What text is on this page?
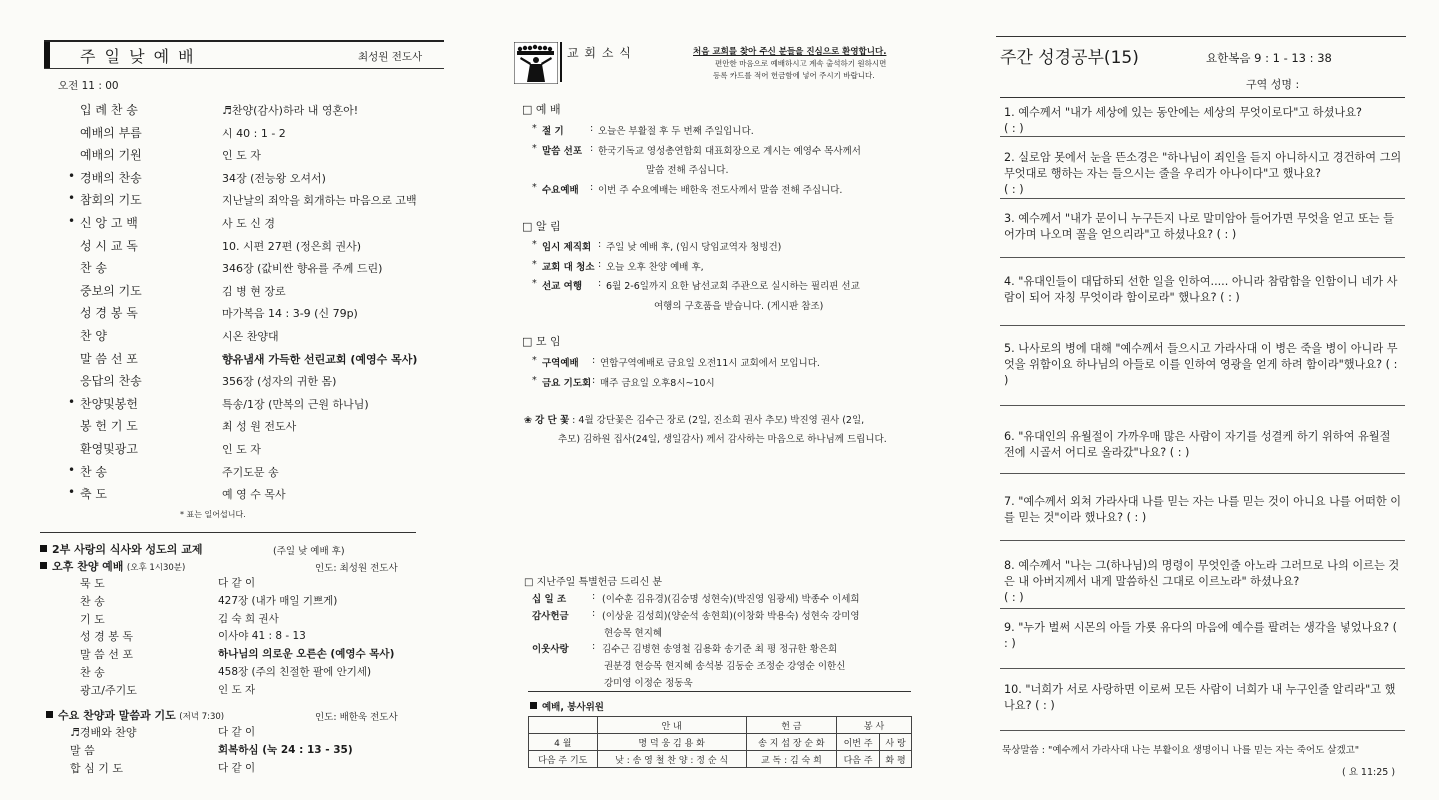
주 일 낮 예 배	최성원 전도사
오전 11 : 00
입 례 찬 송	♬찬양(감사)하라 내 영혼아!
예배의 부름	시 40 : 1 - 2
예배의 기원	인 도 자
• 경배의 찬송	34장 (전능왕 오셔서)
• 참회의 기도	지난날의 죄악을 회개하는 마음으로 고백
• 신 앙 고 백	사 도 신 경
성 시 교 독	10. 시편 27편 (정은희 권사)
찬 송	346장 (값비싼 향유를 주께 드린)
중보의 기도	김 병 현 장로
성 경 봉 독	마가복음 14 : 3-9 (신 79p)
찬 양	시온 찬양대
말 씀 선 포	향유냄새 가득한 선린교회 (예영수 목사)
응답의 찬송	356장 (성자의 귀한 몸)
• 찬양및봉헌	특송/1장 (만복의 근원 하나님)
봉 헌 기 도	최 성 원 전도사
환영및광고	인 도 자
• 찬 송	주기도문 송
• 축 도	예 영 수 목사
* 표는 일어섭니다.
2부 사랑의 식사와 성도의 교제	(주일 낮 예배 후)
오후 찬양 예배 (오후 1시30분)	인도: 최성원 전도사
묵 도	다 같 이
찬 송	427장 (내가 매일 기쁘게)
기 도	김 숙 희 권사
성 경 봉 독	이사야 41 : 8 - 13
말 씀 선 포	하나님의 의로운 오른손 (예영수 목사)
찬 송	458장 (주의 친절한 팔에 안기세)
광고/주기도	인 도 자
수요 찬양과 말씀과 기도 (저녁 7:30)	인도: 배한욱 전도사
♬경배와 찬양	다 같 이
말 씀	회복하심 (눅 24 : 13 - 35)
합 심 기 도	다 같 이
교 회 소 식	처음 교회를 찾아 주신 분들을 진심으로 환영합니다.
편안한 마음으로 예배하시고 계속 출석하기 원하시면
등록 카드를 적어 헌금함에 넣어 주시기 바랍니다.
□ 예 배
* 절 기	: 오늘은 부활절 후 두 번째 주일입니다.
* 말씀 선포 : 한국기독교 영성총연합회 대표회장으로 계시는 예영수 목사께서
말씀 전해 주십니다.
* 수요예배 : 이번 주 수요예배는 배한욱 전도사께서 말씀 전해 주십니다.
□ 알 림
* 임시 제직회 : 주일 낮 예배 후, (임시 당임교역자 청빙건)
* 교회 대 청소 : 오늘 오후 찬양 예배 후,
* 선교 여행 : 6월 2-6일까지 요한 남선교회 주관으로 실시하는 필리핀 선교
여행의 구호품을 받습니다. (게시판 참조)
□ 모 임
* 구역예배 : 연합구역예배로 금요일 오전11시 교회에서 모입니다.
* 금요 기도회 : 매주 금요일 오후8시~10시
❀ 강 단 꽃 : 4월 강단꽃은 김수근 장로 (2일, 진소희 권사 추모) 박진영 권사 (2일,
추모) 김하원 집사(24일, 생일감사) 께서 감사하는 마음으로 하나님께 드립니다.
□ 지난주일 특별헌금 드리신 분
십 일 조	: (이수훈 김유경)(김승명 성현숙)(박진영 임광세) 박종수 이세희
감사헌금 : (이상윤 김성희)(양순석 송현희)(이창화 박용숙) 성현숙 강미영
현승목 현지혜
이웃사랑 : 김수근 김병현 송영철 김용화 송기준 최 평 정규한 황은희
권분경 현승목 현지혜 송석봉 김동순 조정순 강영순 이한신
강미영 이정순 정동욱
예배, 봉사위원
	안 내	헌 금	봉 사	
4 월	명 덕 웅 김 용 화	송 지 섭 장 순 화	이번 주	사 랑
다음 주 기도	낮 : 송 영 철 찬 양 : 정 순 식	교 독 : 김 숙 희	다음 주	화 평
주간 성경공부(15)	요한복음 9 : 1 - 13 : 38
구역 성명 :
1. 예수께서 "내가 세상에 있는 동안에는 세상의 무엇이로다"고 하셨나요?
( : )
2. 실로암 못에서 눈을 뜬소경은 "하나님이 죄인을 듣지 아니하시고 경건하여 그의 무엇대로 행하는 자는 들으시는 줄을 우리가 아나이다"고 했나요?
( : )
3. 예수께서 "내가 문이니 누구든지 나로 말미암아 들어가면 무엇을 얻고 또는 들어가며 나오며 꼴을 얻으리라"고 하셨나요? ( : )
4. "유대인들이 대답하되 선한 일을 인하여..... 아니라 참람함을 인함이니 네가 사람이 되어 자칭 무엇이라 함이로라" 했나요? ( : )
5. 나사로의 병에 대해 "예수께서 들으시고 가라사대 이 병은 죽을 병이 아니라 무엇을 위함이요 하나님의 아들로 이를 인하여 영광을 얻게 하려 함이라"했나요? ( : )
6. "유대인의 유월절이 가까우매 많은 사람이 자기를 성결케 하기 위하여 유월절 전에 시골서 어디로 올라갔"나요? ( : )
7. "예수께서 외쳐 가라사대 나를 믿는 자는 나를 믿는 것이 아니요 나를 어떠한 이를 믿는 것"이라 했나요? ( : )
8. 예수께서 "나는 그(하나님)의 명령이 무엇인줄 아노라 그러므로 나의 이르는 것은 내 아버지께서 내게 말씀하신 그대로 이르노라" 하셨나요?
( : )
9. "누가 벌써 시몬의 아들 가룟 유다의 마음에 예수를 팔려는 생각을 넣었나요? ( : )
10. "너희가 서로 사랑하면 이로써 모든 사람이 너희가 내 누구인줄 알리라"고 했나요? ( : )
묵상말씀 : "예수께서 가라사대 나는 부활이요 생명이니 나를 믿는 자는 죽어도 살겠고"
( 요 11:25 )
